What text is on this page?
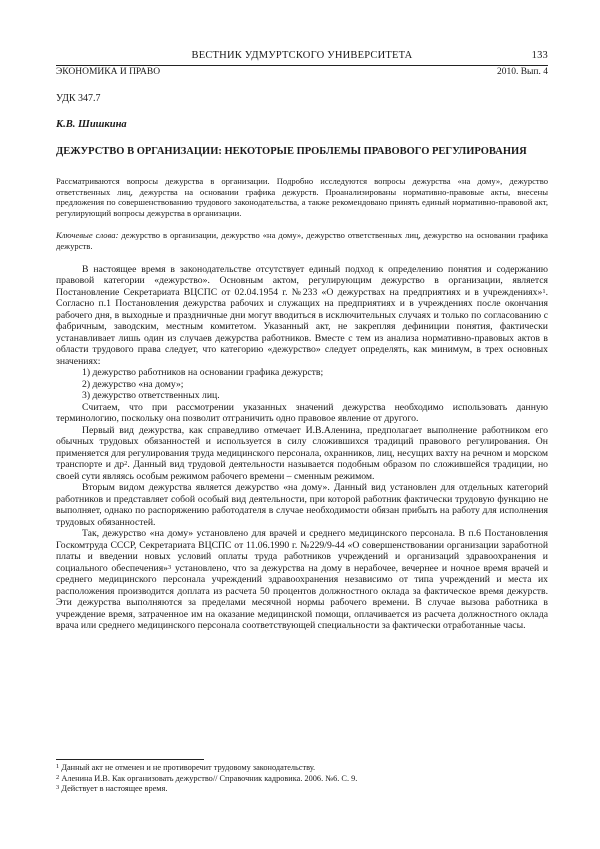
ВЕСТНИК УДМУРТСКОГО УНИВЕРСИТЕТА	133
ЭКОНОМИКА И ПРАВО	2010. Вып. 4
УДК 347.7
К.В. Шишкина
ДЕЖУРСТВО В ОРГАНИЗАЦИИ: НЕКОТОРЫЕ ПРОБЛЕМЫ ПРАВОВОГО РЕГУЛИРОВАНИЯ
Рассматриваются вопросы дежурства в организации. Подробно исследуются вопросы дежурства «на дому», дежурство ответственных лиц, дежурства на основании графика дежурств. Проанализированы нормативно-правовые акты, внесены предложения по совершенствованию трудового законодательства, а также рекомендовано принять единый нормативно-правовой акт, регулирующий вопросы дежурства в организации.
Ключевые слова: дежурство в организации, дежурство «на дому», дежурство ответственных лиц, дежурство на основании графика дежурств.

В настоящее время в законодательстве отсутствует единый подход к определению понятия и содержанию правовой категории «дежурство». Основным актом, регулирующим дежурство в организации, является Постановление Секретариата ВЦСПС от 02.04.1954 г. №233 «О дежурствах на предприятиях и в учреждениях»$^1$. Согласно п.1 Постановления дежурства рабочих и служащих на предприятиях и в учреждениях после окончания рабочего дня, в выходные и праздничные дни могут вводиться в исключительных случаях и только по согласованию с фабричным, заводским, местным комитетом. Указанный акт, не закрепляя дефиниции понятия, фактически устанавливает лишь один из случаев дежурства работников. Вместе с тем из анализа нормативно-правовых актов в области трудового права следует, что категорию «дежурство» следует определять, как минимум, в трех основных значениях:

1) дежурство работников на основании графика дежурств;
2) дежурство «на дому»;
3) дежурство ответственных лиц.

Считаем, что при рассмотрении указанных значений дежурства необходимо использовать данную терминологию, поскольку она позволит отграничить одно правовое явление от другого.

Первый вид дежурства, как справедливо отмечает И.В.Аленина, предполагает выполнение работником его обычных трудовых обязанностей и используется в силу сложившихся традиций правового регулирования. Он применяется для регулирования труда медицинского персонала, охранников, лиц, несущих вахту на речном и морском транспорте и $др^2$. Данный вид трудовой деятельности называется подобным образом по сложившейся традиции, но своей сути являясь особым режимом рабочего времени – сменным режимом.

Вторым видом дежурства является дежурство «на дому». Данный вид установлен для отдельных категорий работников и представляет собой особый вид деятельности, при которой работник фактически трудовую функцию не выполняет, однако по распоряжению работодателя в случае необходимости обязан прибыть на работу для исполнения трудовых обязанностей.

Так, дежурство «на дому» установлено для врачей и среднего медицинского персонала. В п.6 Постановления Госкомтруда СССР, Секретариата ВЦСПС от 11.06.1990 г. №229/9-44 «О совершенствовании организации заработной платы и введении новых условий оплаты труда работников учреждений и организаций здравоохранения и социального обеспечения»$^3$ установлено, что за дежурства на дому в нерабочее, вечернее и ночное время врачей и среднего медицинского персонала учреждений здравоохранения независимо от типа учреждений и места их расположения производится доплата из расчета 50 процентов должностного оклада за фактическое время дежурств. Эти дежурства выполняются за пределами месячной нормы рабочего времени. В случае вызова работника в учреждение время, затраченное им на оказание медицинской помощи, оплачивается из расчета должностного оклада врача или среднего медицинского персонала соответствующей специальности за фактически отработанные часы.

$^1$ Данный акт не отменен и не противоречит трудовому законодательству.
$^2$ Аленина И.В. Как организовать дежурство// Справочник кадровика. 2006. №6. С. 9.
$^3$ Действует в настоящее время.
